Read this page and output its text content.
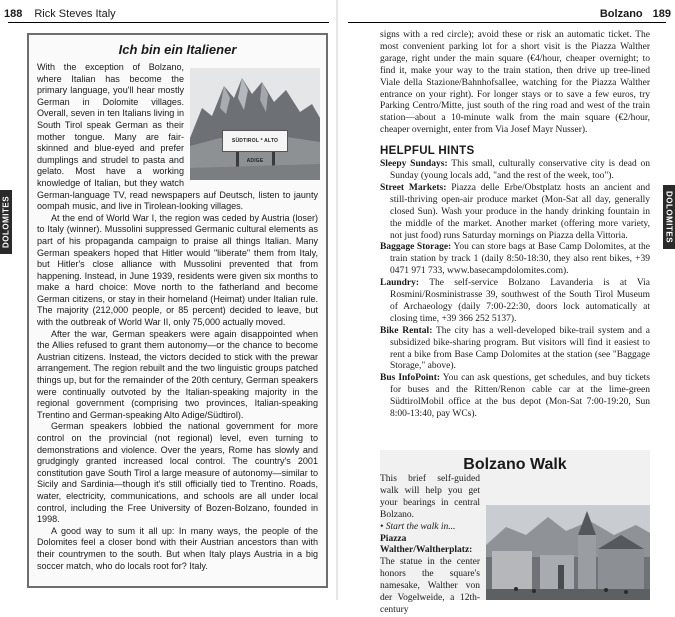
188 Rick Steves Italy
DOLOMITES
Ich bin ein Italiener

SÜDTIROL * ALTO ADIGE
With the exception of Bolzano, where Italian has become the primary language, you'll hear mostly German in Dolomite villages. Overall, seven in ten Italians living in South Tirol speak German as their mother tongue. Many are fair-skinned and blue-eyed and prefer dumplings and strudel to pasta and gelato. Most have a working knowledge of Italian, but they watch German-language TV, read newspapers auf Deutsch, listen to jaunty oompah music, and live in Tirolean-looking villages.

At the end of World War I, the region was ceded by Austria (loser) to Italy (winner). Mussolini suppressed Germanic cultural elements as part of his propaganda campaign to praise all things Italian. Many German speakers hoped that Hitler would "liberate" them from Italy, but Hitler's close alliance with Mussolini prevented that from happening. Instead, in June 1939, residents were given six months to make a hard choice: Move north to the fatherland and become German citizens, or stay in their homeland (Heimat) under Italian rule. The majority (212,000 people, or 85 percent) decided to leave, but with the outbreak of World War II, only 75,000 actually moved.

After the war, German speakers were again disappointed when the Allies refused to grant them autonomy—or the chance to become Austrian citizens. Instead, the victors decided to stick with the prewar arrangement. The region rebuilt and the two linguistic groups patched things up, but for the remainder of the 20th century, German speakers were continually outvoted by the Italian-speaking majority in the regional government (comprising two provinces, Italian-speaking Trentino and German-speaking Alto Adige/Südtirol).

German speakers lobbied the national government for more control on the provincial (not regional) level, even turning to demonstrations and violence. Over the years, Rome has slowly and grudgingly granted increased local control. The country's 2001 constitution gave South Tirol a large measure of autonomy—similar to Sicily and Sardinia—though it's still officially tied to Trentino. Roads, water, electricity, communications, and schools are all under local control, including the Free University of Bozen-Bolzano, founded in 1998.

A good way to sum it all up: In many ways, the people of the Dolomites feel a closer bond with their Austrian ancestors than with their countrymen to the south. But when Italy plays Austria in a big soccer match, who do locals root for? Italy.

Bolzano 189
DOLOMITES

signs with a red circle); avoid these or risk an automatic ticket. The most convenient parking lot for a short visit is the Piazza Walther garage, right under the main square (€4/hour, cheaper overnight; to find it, make your way to the train station, then drive up tree-lined Viale della Stazione/Bahnhofsallee, watching for the Piazza Walther entrance on your right). For longer stays or to save a few euros, try Parking Centro/Mitte, just south of the ring road and west of the train station—about a 10-minute walk from the main square (€2/hour, cheaper overnight, enter from Via Josef Mayr Nusser).

HELPFUL HINTS

Sleepy Sundays: This small, culturally conservative city is dead on Sunday (young locals add, "and the rest of the week, too").

Street Markets: Piazza delle Erbe/Obstplatz hosts an ancient and still-thriving open-air produce market (Mon-Sat all day, generally closed Sun). Wash your produce in the handy drinking fountain in the middle of the market. Another market (offering more variety, not just food) runs Saturday mornings on Piazza della Vittoria.

Baggage Storage: You can store bags at Base Camp Dolomites, at the train station by track 1 (daily 8:50-18:30, they also rent bikes, +39 0471 971 733, www.basecampdolomites.com).

Laundry: The self-service Bolzano Lavanderia is at Via Rosmini/Rosministrasse 39, southwest of the South Tirol Museum of Archaeology (daily 7:00-22:30, doors lock automatically at closing time, +39 366 252 5137).

Bike Rental: The city has a well-developed bike-trail system and a subsidized bike-sharing program. But visitors will find it easiest to rent a bike from Base Camp Dolomites at the station (see "Baggage Storage," above).

Bus InfoPoint: You can ask questions, get schedules, and buy tickets for buses and the Ritten/Renon cable car at the lime-green SüdtirolMobil office at the bus depot (Mon-Sat 7:00-19:20, Sun 8:00-13:40, pay WCs).

Bolzano Walk
This brief self-guided walk will help you get your bearings in central Bolzano.
• Start the walk in...
Piazza Walther/Waltherplatz: The statue in the center honors the square's namesake, Walther von der Vogelweide, a 12th-century
